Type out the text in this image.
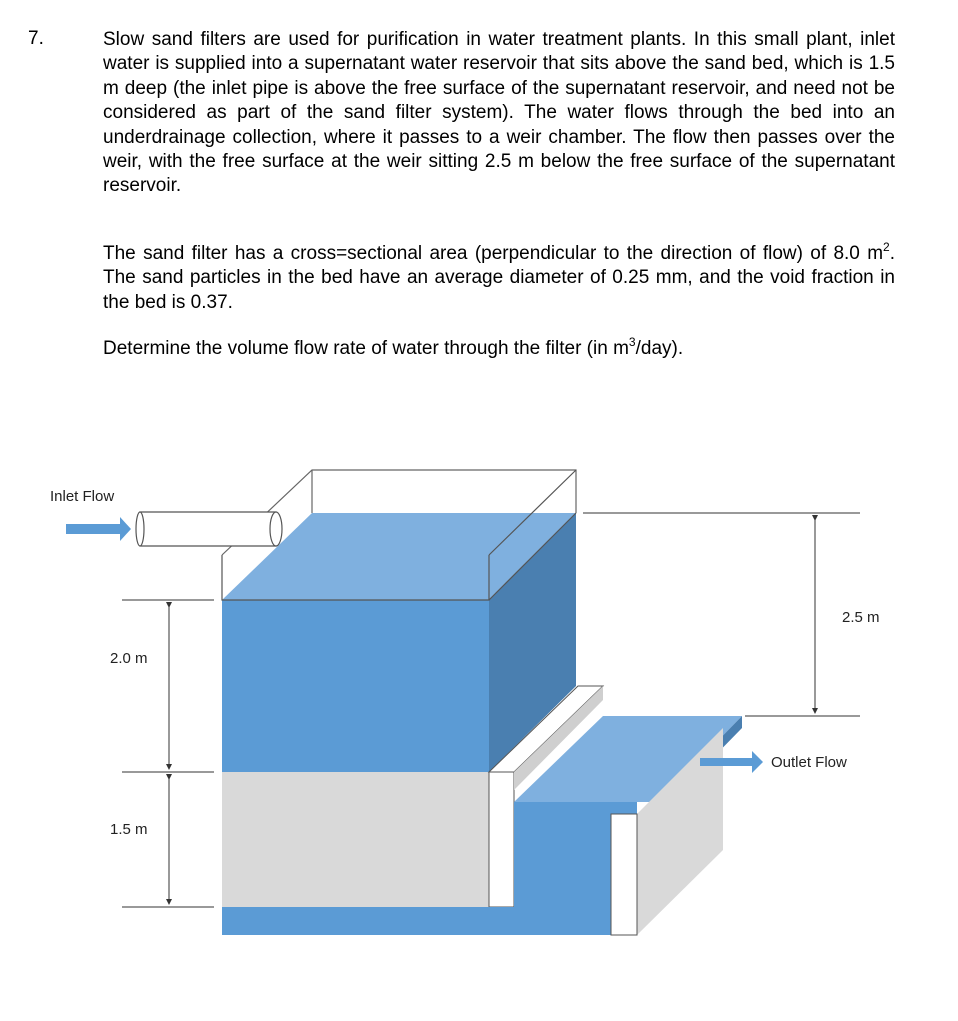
7.	Slow sand filters are used for purification in water treatment plants. In this small plant, inlet water is supplied into a supernatant water reservoir that sits above the sand bed, which is 1.5 m deep (the inlet pipe is above the free surface of the supernatant reservoir, and need not be considered as part of the sand filter system). The water flows through the bed into an underdrainage collection, where it passes to a weir chamber. The flow then passes over the weir, with the free surface at the weir sitting 2.5 m below the free surface of the supernatant reservoir.

The sand filter has a cross=sectional area (perpendicular to the direction of flow) of 8.0 $m^2$. The sand particles in the bed have an average diameter of 0.25 mm, and the void fraction in the bed is 0.37.

Determine the volume flow rate of water through the filter (in $m^3/day$).

Inlet Flow
2.0 m
1.5 m
2.5 m
Outlet Flow
